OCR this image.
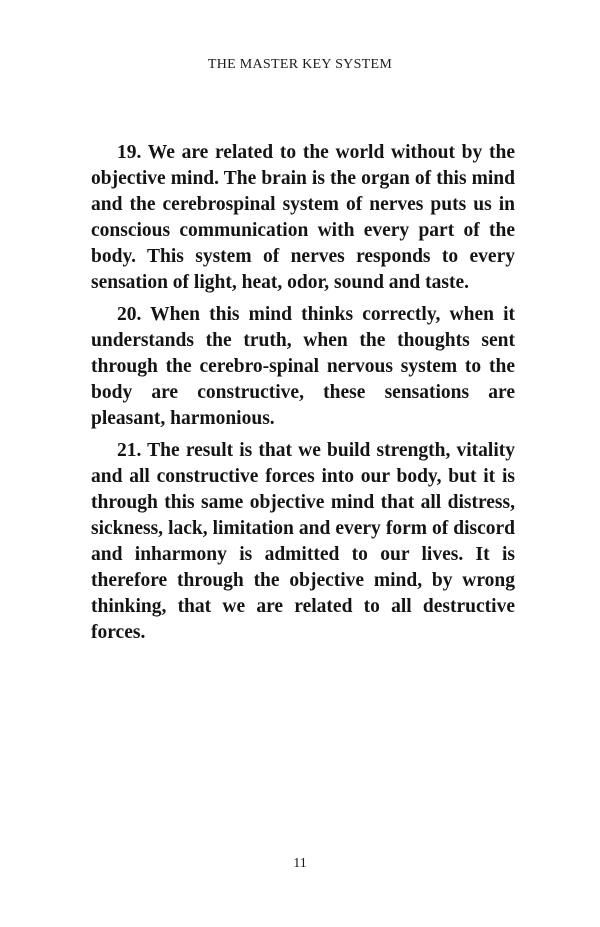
THE MASTER KEY SYSTEM

19. We are related to the world without by the objective mind. The brain is the organ of this mind and the cerebrospinal system of nerves puts us in conscious communication with every part of the body. This system of nerves responds to every sensation of light, heat, odor, sound and taste.

20. When this mind thinks correctly, when it understands the truth, when the thoughts sent through the cerebro-spinal nervous system to the body are constructive, these sensations are pleasant, harmonious.

21. The result is that we build strength, vitality and all constructive forces into our body, but it is through this same objective mind that all distress, sickness, lack, limitation and every form of discord and inharmony is admitted to our lives. It is therefore through the objective mind, by wrong thinking, that we are related to all destructive forces.

11
